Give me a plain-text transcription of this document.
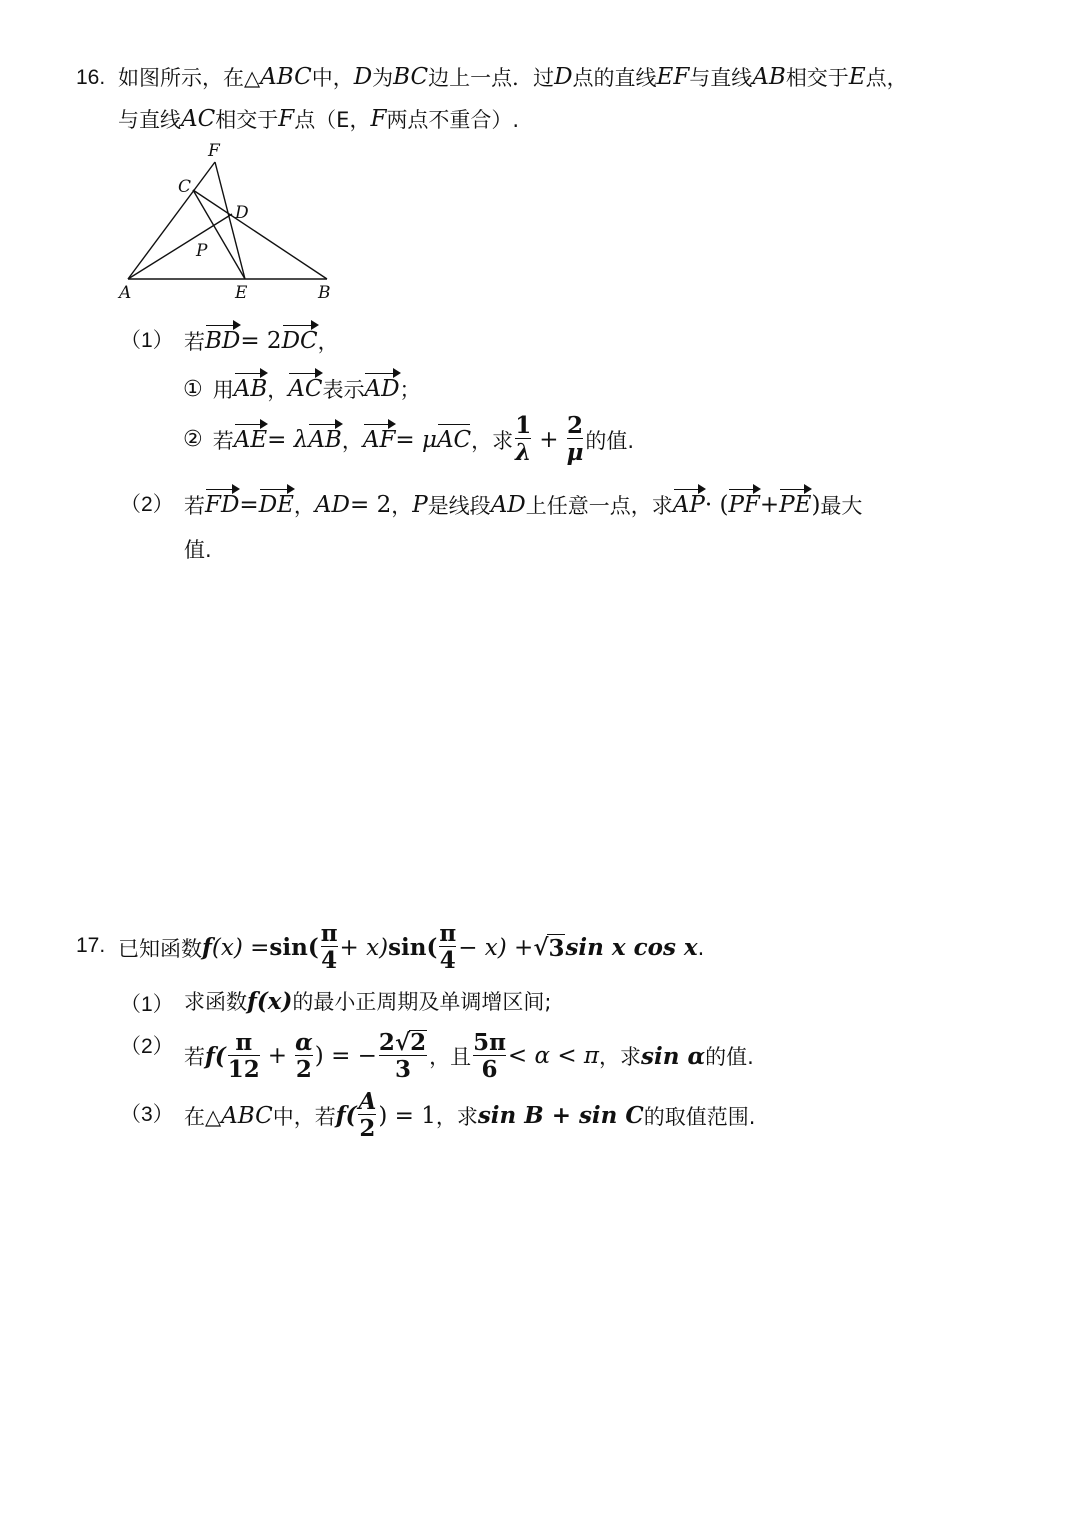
16. 如图所示，在△ ABC 中， D 为 BC 边上一点．过 D 点的直线 EF 与直线 AB 相交于 E 点，
与直线 AC 相交于 F 点（E， F 两点不重合）.
F
C
D
P
A	E	B
（1） 若 BD = 2 DC ，
① 用 AB ， AC 表示 AD ；
② 若 AE = λ AB ， AF = μ AC ，求 $\frac{1}{\lambda} + \frac{2}{\mu}$ 的值.
（2） 若 FD = DE ， AD = 2 ， P 是线段 AD 上任意一点，求 AP · ( PF + PE ) 最大
值.
17. 已知函数 f $(x) = \sin( \frac{\pi}{4} + x)$ $\sin( \frac{\pi}{4} - x)$ + √ 3 sin x cos x .
（1） 求函数 f(x) 的最小正周期及单调增区间;
（2） 若 $f( \frac{\pi}{12} + \frac{\alpha}{2}$ ) = − $\frac{2√2}{3}$ ，且 $\frac{5\pi}{6} < \alpha < \pi$ ，求 sin α 的值.
（3） 在△ ABC 中，若 $f( \frac{A}{2}$ ) = 1 ，求 sin B + sin C 的取值范围.
